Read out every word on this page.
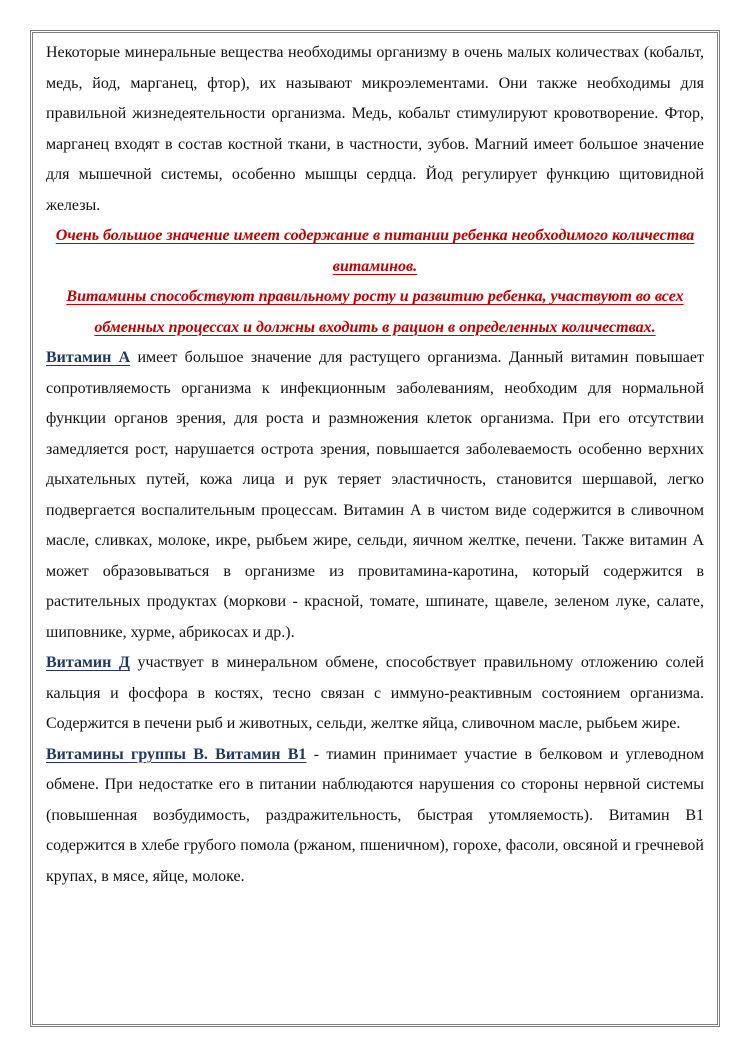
Некоторые минеральные вещества необходимы организму в очень малых количествах (кобальт, медь, йод, марганец, фтор), их называют микроэлементами. Они также необходимы для правильной жизнедеятельности организма. Медь, кобальт стимулируют кровотворение. Фтор, марганец входят в состав костной ткани, в частности, зубов. Магний имеет большое значение для мышечной системы, особенно мышцы сердца. Йод регулирует функцию щитовидной железы.

Очень большое значение имеет содержание в питании ребенка необходимого количества витаминов.

Витамины способствуют правильному росту и развитию ребенка, участвуют во всех обменных процессах и должны входить в рацион в определенных количествах.

Витамин А имеет большое значение для растущего организма. Данный витамин повышает сопротивляемость организма к инфекционным заболеваниям, необходим для нормальной функции органов зрения, для роста и размножения клеток организма. При его отсутствии замедляется рост, нарушается острота зрения, повышается заболеваемость особенно верхних дыхательных путей, кожа лица и рук теряет эластичность, становится шершавой, легко подвергается воспалительным процессам. Витамин А в чистом виде содержится в сливочном масле, сливках, молоке, икре, рыбьем жире, сельди, яичном желтке, печени. Также витамин А может образовываться в организме из провитамина-каротина, который содержится в растительных продуктах (моркови - красной, томате, шпинате, щавеле, зеленом луке, салате, шиповнике, хурме, абрикосах и др.).

Витамин Д участвует в минеральном обмене, способствует правильному отложению солей кальция и фосфора в костях, тесно связан с иммуно-реактивным состоянием организма. Содержится в печени рыб и животных, сельди, желтке яйца, сливочном масле, рыбьем жире.

Витамины группы В. Витамин В1 - тиамин принимает участие в белковом и углеводном обмене. При недостатке его в питании наблюдаются нарушения со стороны нервной системы (повышенная возбудимость, раздражительность, быстрая утомляемость). Витамин В1 содержится в хлебе грубого помола (ржаном, пшеничном), горохе, фасоли, овсяной и гречневой крупах, в мясе, яйце, молоке.
